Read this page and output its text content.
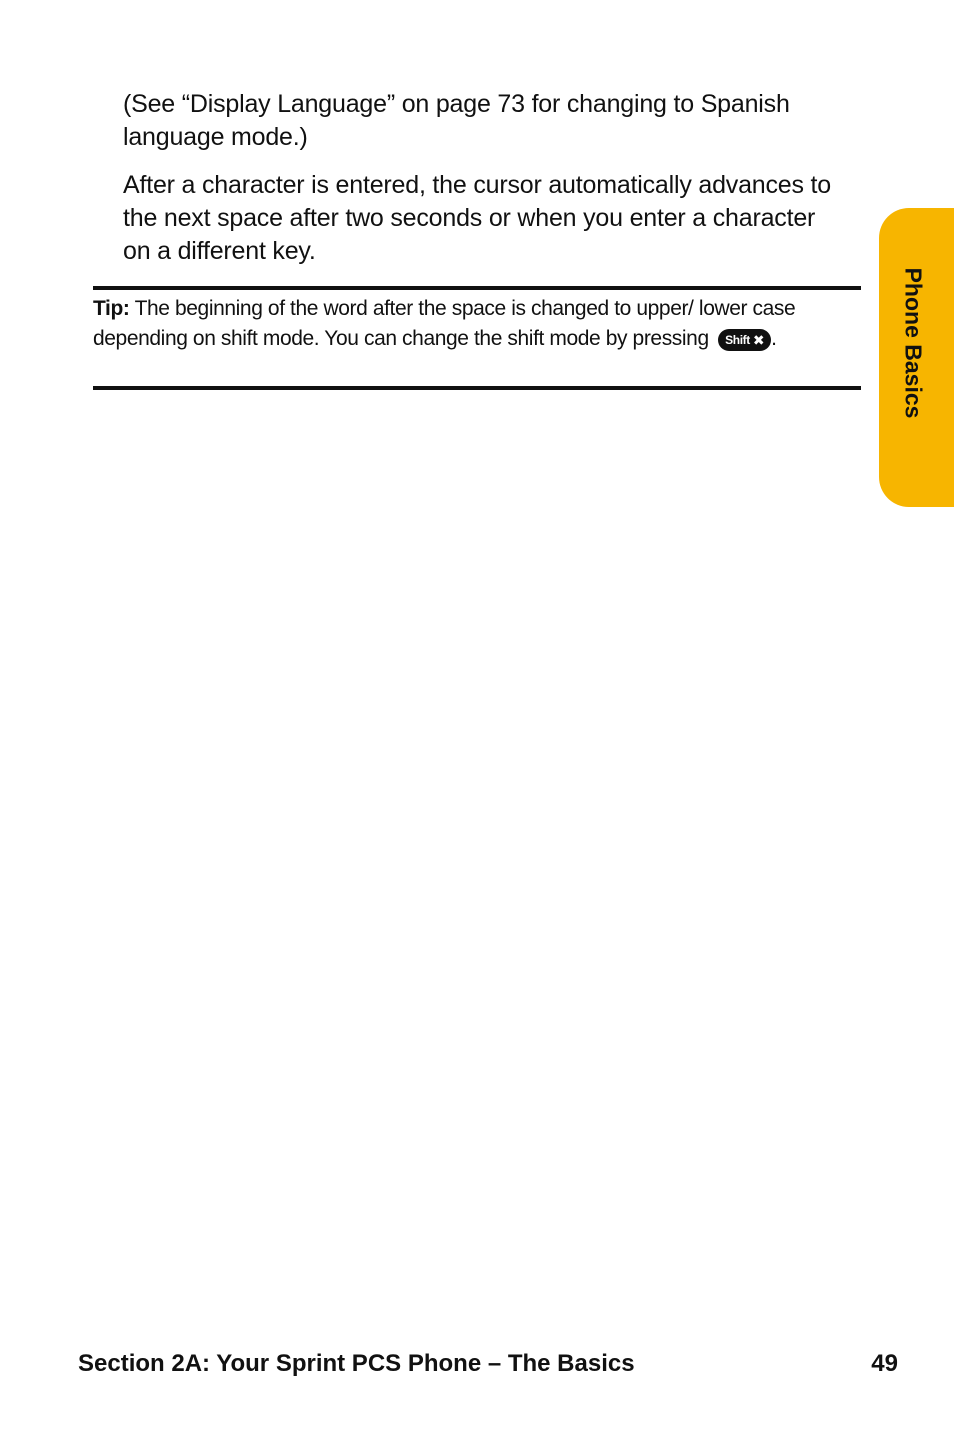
(See “Display Language” on page 73 for changing to Spanish language mode.)

After a character is entered, the cursor automatically advances to the next space after two seconds or when you enter a character on a different key.

Tip: The beginning of the word after the space is changed to upper/ lower case depending on shift mode. You can change the shift mode by pressing Shift ✖ .	Phone Basics
Section 2A: Your Sprint PCS Phone – The Basics	49
